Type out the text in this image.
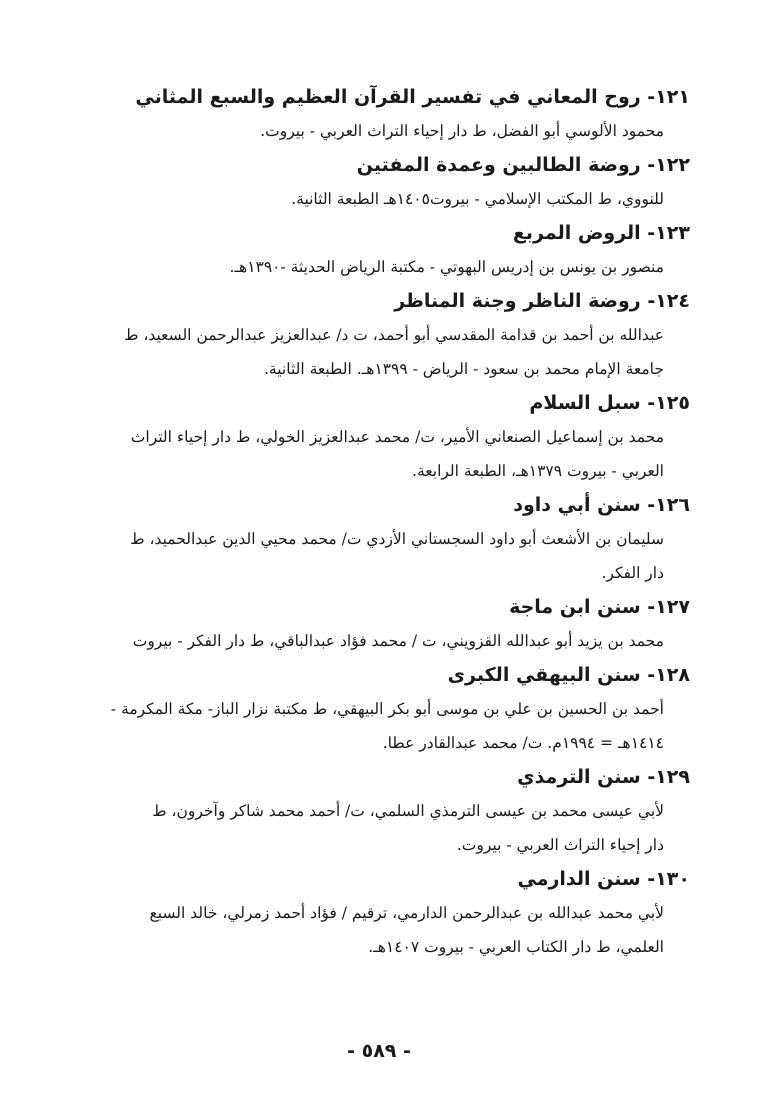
١٢١- روح المعاني في تفسير القرآن العظيم والسبع المثاني
محمود الألوسي أبو الفضل، ط دار إحياء التراث العربي - بيروت.
١٢٢- روضة الطالبين وعمدة المفتين
للنووي، ط المكتب الإسلامي - بيروت١٤٠٥هـ الطبعة الثانية.
١٢٣- الروض المربع
منصور بن يونس بن إدريس البهوتي - مكتبة الرياض الحديثة -١٣٩٠هـ.
١٢٤- روضة الناظر وجنة المناظر
عبدالله بن أحمد بن قدامة المقدسي أبو أحمد، ت د/ عبدالعزيز عبدالرحمن السعيد، ط
جامعة الإمام محمد بن سعود - الرياض - ١٣٩٩هـ. الطبعة الثانية.
١٢٥- سبل السلام
محمد بن إسماعيل الصنعاني الأمير، ت/ محمد عبدالعزيز الخولي، ط دار إحياء التراث
العربي - بيروت ١٣٧٩هـ، الطبعة الرابعة.
١٢٦- سنن أبي داود
سليمان بن الأشعث أبو داود السجستاني الأزدي ت/ محمد محيي الدين عبدالحميد، ط
دار الفكر.
١٢٧- سنن ابن ماجة
محمد بن يزيد أبو عبدالله القزويني، ت / محمد فؤاد عبدالباقي، ط دار الفكر - بيروت
١٢٨- سنن البيهقي الكبرى
أحمد بن الحسين بن علي بن موسى أبو بكر البيهقي، ط مكتبة نزار الباز- مكة المكرمة -
١٤١٤هـ = ١٩٩٤م. ت/ محمد عبدالقادر عطا.
١٢٩- سنن الترمذي
لأبي عيسى محمد بن عيسى الترمذي السلمي، ت/ أحمد محمد شاكر وآخرون، ط
دار إحياء التراث العربي - بيروت.
١٣٠- سنن الدارمي
لأبي محمد عبدالله بن عبدالرحمن الدارمي، ترقيم / فؤاد أحمد زمرلي، خالد السبع
العلمي، ط دار الكتاب العربي - بيروت ١٤٠٧هـ.
- ٥٨٩ -
